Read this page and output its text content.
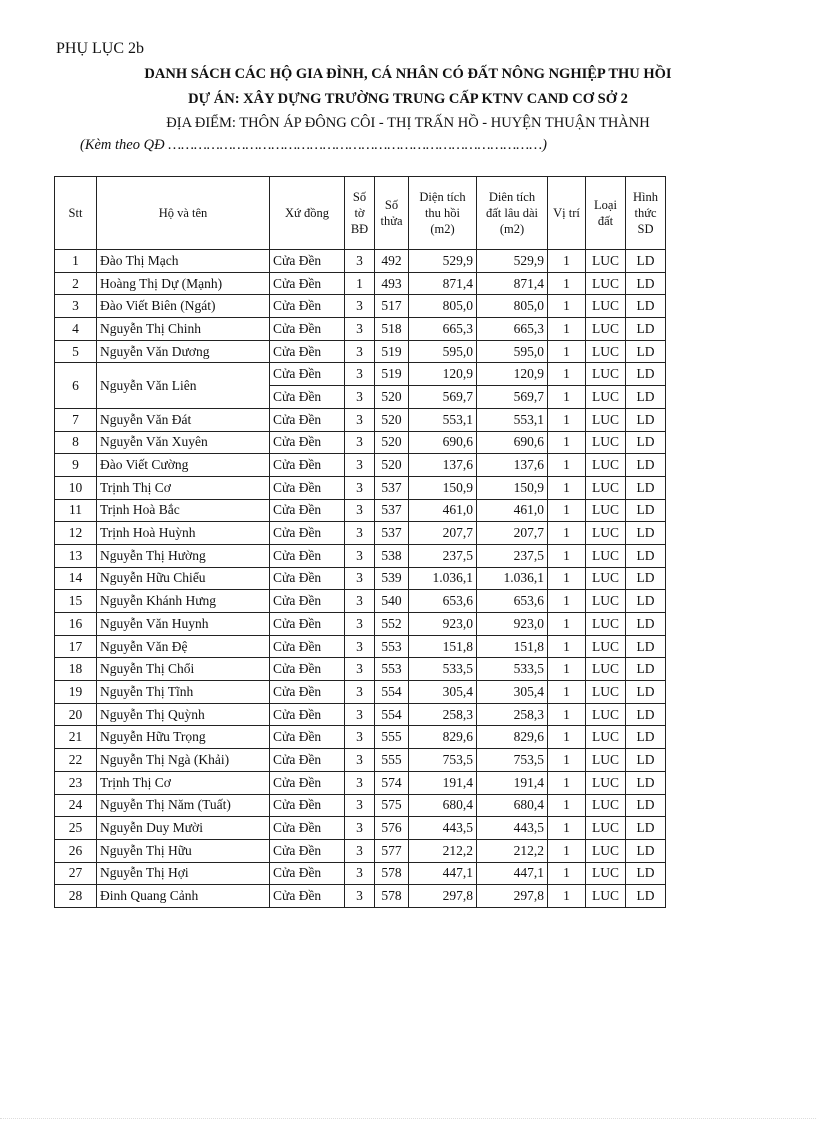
PHỤ LỤC 2b
DANH SÁCH CÁC HỘ GIA ĐÌNH, CÁ NHÂN CÓ ĐẤT NÔNG NGHIỆP THU HỒI
DỰ ÁN: XÂY DỰNG TRƯỜNG TRUNG CẤP KTNV CAND CƠ SỞ 2
ĐỊA ĐIỂM: THÔN ÁP ĐÔNG CÔI - THỊ TRẤN HỒ - HUYỆN THUẬN THÀNH
(Kèm theo QĐ ……………………………………………………………………………)
Stt	Hộ và tên	Xứ đồng	Số tờ BĐ	Số thửa	Diện tích thu hồi (m2)	Diên tích đất lâu dài (m2)	Vị trí	Loại đất	Hình thức SD
1	Đào Thị Mạch	Cửa Đền	3	492	529,9	529,9	1	LUC	LD
2	Hoàng Thị Dự (Mạnh)	Cửa Đền	1	493	871,4	871,4	1	LUC	LD
3	Đào Viết Biên (Ngát)	Cửa Đền	3	517	805,0	805,0	1	LUC	LD
4	Nguyễn Thị Chinh	Cửa Đền	3	518	665,3	665,3	1	LUC	LD
5	Nguyễn Văn Dương	Cửa Đền	3	519	595,0	595,0	1	LUC	LD
6	Nguyễn Văn Liên	Cửa Đền	3	519	120,9	120,9	1	LUC	LD
		Cửa Đền	3	520	569,7	569,7	1	LUC	LD
7	Nguyễn Văn Đát	Cửa Đền	3	520	553,1	553,1	1	LUC	LD
8	Nguyễn Văn Xuyên	Cửa Đền	3	520	690,6	690,6	1	LUC	LD
9	Đào Viết Cường	Cửa Đền	3	520	137,6	137,6	1	LUC	LD
10	Trịnh Thị Cơ	Cửa Đền	3	537	150,9	150,9	1	LUC	LD
11	Trịnh Hoà Bắc	Cửa Đền	3	537	461,0	461,0	1	LUC	LD
12	Trịnh Hoà Huỳnh	Cửa Đền	3	537	207,7	207,7	1	LUC	LD
13	Nguyễn Thị Hường	Cửa Đền	3	538	237,5	237,5	1	LUC	LD
14	Nguyễn Hữu Chiểu	Cửa Đền	3	539	1.036,1	1.036,1	1	LUC	LD
15	Nguyễn Khánh Hưng	Cửa Đền	3	540	653,6	653,6	1	LUC	LD
16	Nguyễn Văn Huynh	Cửa Đền	3	552	923,0	923,0	1	LUC	LD
17	Nguyễn Văn Đệ	Cửa Đền	3	553	151,8	151,8	1	LUC	LD
18	Nguyễn Thị Chổi	Cửa Đền	3	553	533,5	533,5	1	LUC	LD
19	Nguyễn Thị Tĩnh	Cửa Đền	3	554	305,4	305,4	1	LUC	LD
20	Nguyễn Thị Quỳnh	Cửa Đền	3	554	258,3	258,3	1	LUC	LD
21	Nguyễn Hữu Trọng	Cửa Đền	3	555	829,6	829,6	1	LUC	LD
22	Nguyễn Thị Ngà (Khải)	Cửa Đền	3	555	753,5	753,5	1	LUC	LD
23	Trịnh Thị Cơ	Cửa Đền	3	574	191,4	191,4	1	LUC	LD
24	Nguyễn Thị Năm (Tuất)	Cửa Đền	3	575	680,4	680,4	1	LUC	LD
25	Nguyễn Duy Mười	Cửa Đền	3	576	443,5	443,5	1	LUC	LD
26	Nguyễn Thị Hữu	Cửa Đền	3	577	212,2	212,2	1	LUC	LD
27	Nguyễn Thị Hợi	Cửa Đền	3	578	447,1	447,1	1	LUC	LD
28	Đinh Quang Cảnh	Cửa Đền	3	578	297,8	297,8	1	LUC	LD
